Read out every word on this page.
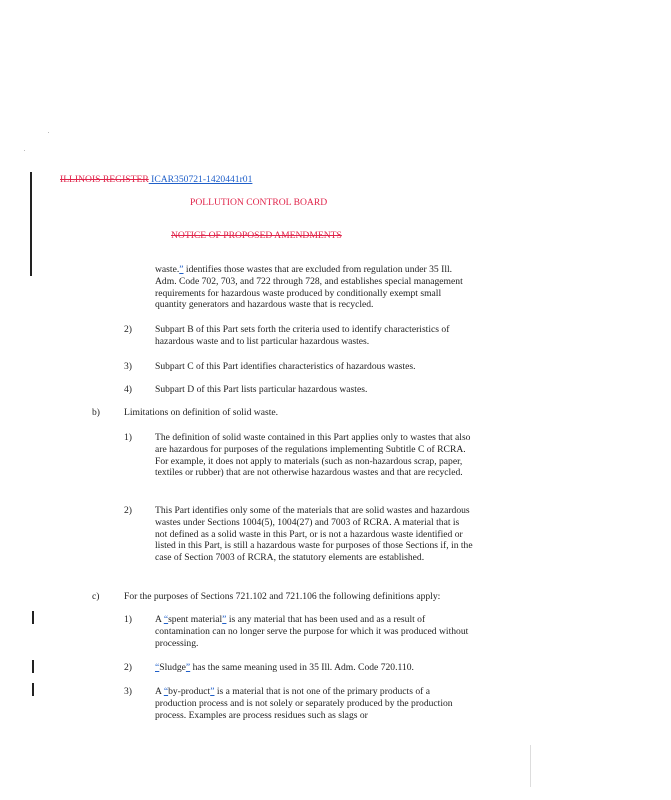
ILLINOIS REGISTER ICAR350721-1420441r01
POLLUTION CONTROL BOARD
NOTICE OF PROPOSED AMENDMENTS
waste.” identifies those wastes that are excluded from regulation under 35 Ill. Adm. Code 702, 703, and 722 through 728, and establishes special management requirements for hazardous waste produced by conditionally exempt small quantity generators and hazardous waste that is recycled.
2) Subpart B of this Part sets forth the criteria used to identify characteristics of hazardous waste and to list particular hazardous wastes.
3) Subpart C of this Part identifies characteristics of hazardous wastes.
4) Subpart D of this Part lists particular hazardous wastes.
b)	Limitations on definition of solid waste.
1) The definition of solid waste contained in this Part applies only to wastes that also are hazardous for purposes of the regulations implementing Subtitle C of RCRA. For example, it does not apply to materials (such as non-hazardous scrap, paper, textiles or rubber) that are not otherwise hazardous wastes and that are recycled.
2) This Part identifies only some of the materials that are solid wastes and hazardous wastes under Sections 1004(5), 1004(27) and 7003 of RCRA. A material that is not defined as a solid waste in this Part, or is not a hazardous waste identified or listed in this Part, is still a hazardous waste for purposes of those Sections if, in the case of Section 7003 of RCRA, the statutory elements are established.
c)	For the purposes of Sections 721.102 and 721.106 the following definitions apply:
1) A “spent material” is any material that has been used and as a result of contamination can no longer serve the purpose for which it was produced without processing.
2) “Sludge” has the same meaning used in 35 Ill. Adm. Code 720.110.
3) A “by-product” is a material that is not one of the primary products of a production process and is not solely or separately produced by the production process. Examples are process residues such as slags or
